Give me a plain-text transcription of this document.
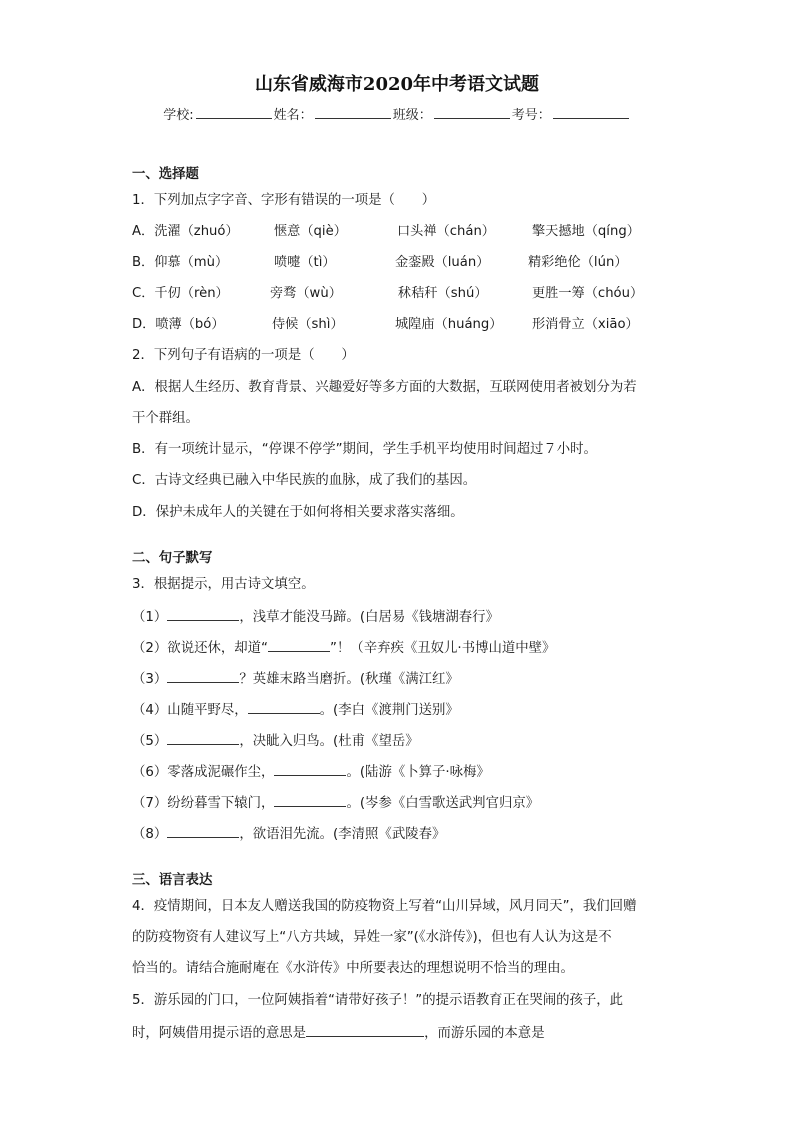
山东省威海市2020年中考语文试题
学校:	姓名：	班级：	考号：
一、选择题
1．下列加点字字音、字形有错误的一项是（　　）
A．洗濯（zhuó）	惬意（qiè）	口头禅（chán）	擎天撼地（qíng）
B．仰慕（mù）	喷嚏（tì）	金銮殿（luán）	精彩绝伦（lún）
C．千仞（rèn）	旁骛（wù）	秫秸秆（shú）	更胜一筹（chóu）
D．喷薄（bó）	侍候（shì）	城隍庙（huáng） 形消骨立（xiāo）
2．下列句子有语病的一项是（　　）
A．根据人生经历、教育背景、兴趣爱好等多方面的大数据，互联网使用者被划分为若
干个群组。
B．有一项统计显示，“停课不停学”期间，学生手机平均使用时间超过７小时。
C．古诗文经典已融入中华民族的血脉，成了我们的基因。
D．保护未成年人的关键在于如何将相关要求落实落细。
二、句子默写
3．根据提示，用古诗文填空。
（1）	，浅草才能没马蹄。(白居易《钱塘湖春行》
（2）欲说还休，却道“	”！（辛弃疾《丑奴儿·书博山道中壁》
（3）	？英雄末路当磨折。(秋瑾《满江红》
（4）山随平野尽，	。(李白《渡荆门送别》
（5）	，决眦入归鸟。(杜甫《望岳》
（6）零落成泥碾作尘，	。(陆游《卜算子·咏梅》
（7）纷纷暮雪下辕门，	。(岑参《白雪歌送武判官归京》
（8）	，欲语泪先流。(李清照《武陵春》
三、语言表达
4．疫情期间，日本友人赠送我国的防疫物资上写着“山川异域，风月同天”，我们回赠
的防疫物资有人建议写上“八方共域，异姓一家”(《水浒传》)，但也有人认为这是不
恰当的。请结合施耐庵在《水浒传》中所要表达的理想说明不恰当的理由。
5．游乐园的门口，一位阿姨指着“请带好孩子！”的提示语教育正在哭闹的孩子，此
时，阿姨借用提示语的意思是	，而游乐园的本意是
